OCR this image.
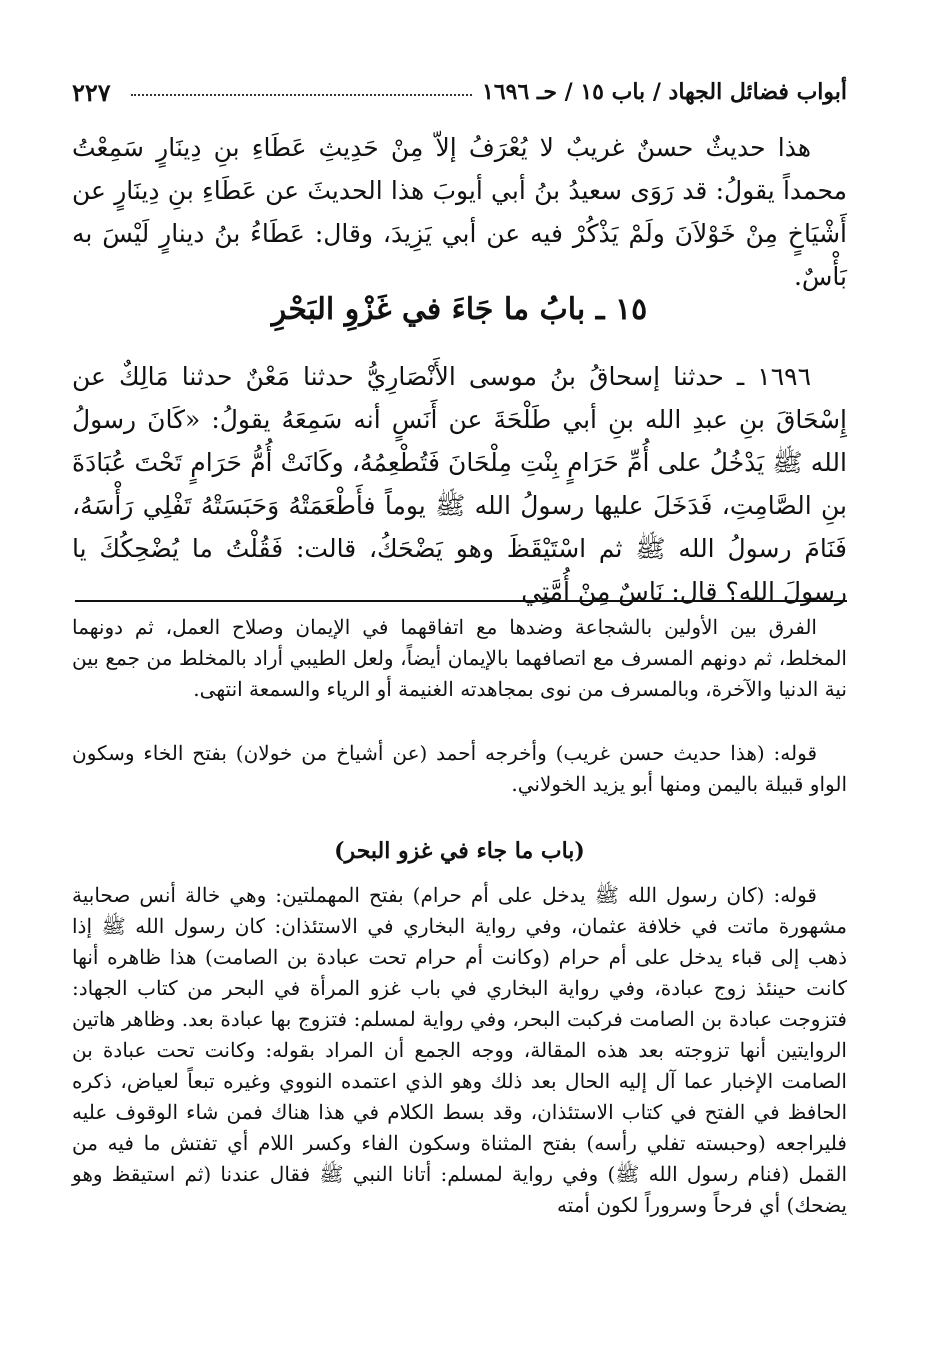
٢٢٧	أبواب فضائل الجهاد / باب ١٥ / حـ ١٦٩٦

هذا حديثٌ حسنٌ غريبٌ لا يُعْرَفُ إلاّ مِنْ حَدِيثِ عَطَاءِ بنِ دِينَارٍ سَمِعْتُ محمداً يقولُ: قد رَوَى سعيدُ بنُ أبي أيوبَ هذا الحديثَ عن عَطَاءِ بنِ دِينَارٍ عن أَشْيَاخٍ مِنْ خَوْلاَنَ ولَمْ يَذْكُرْ فيه عن أبي يَزِيدَ، وقال: عَطَاءُ بنُ دينارٍ لَيْسَ به بَأْسٌ.

١٥ ـ بابُ ما جَاءَ في غَزْوِ البَحْرِ

١٦٩٦ ـ حدثنا إسحاقُ بنُ موسى الأَنْصَارِيُّ حدثنا مَعْنٌ حدثنا مَالِكٌ عن إِسْحَاقَ بنِ عبدِ الله بنِ أبي طَلْحَةَ عن أَنَسٍ أنه سَمِعَهُ يقولُ: «كَانَ رسولُ الله ﷺ يَدْخُلُ على أُمِّ حَرَامٍ بِنْتِ مِلْحَانَ فَتُطْعِمُهُ، وكَانَتْ أُمُّ حَرَامٍ تَحْتَ عُبَادَةَ بنِ الصَّامِتِ، فَدَخَلَ عليها رسولُ الله ﷺ يوماً فأَطْعَمَتْهُ وَحَبَسَتْهُ تَفْلِي رَأْسَهُ، فَنَامَ رسولُ الله ﷺ ثم اسْتَيْقَظَ وهو يَضْحَكُ، قالت: فَقُلْتُ ما يُضْحِكُكَ يا رسولَ الله؟ قال: نَاسٌ مِنْ أُمَّتِي

الفرق بين الأولين بالشجاعة وضدها مع اتفاقهما في الإيمان وصلاح العمل، ثم دونهما المخلط، ثم دونهم المسرف مع اتصافهما بالإيمان أيضاً، ولعل الطيبي أراد بالمخلط من جمع بين نية الدنيا والآخرة، وبالمسرف من نوى بمجاهدته الغنيمة أو الرياء والسمعة انتهى.

قوله: (هذا حديث حسن غريب) وأخرجه أحمد (عن أشياخ من خولان) بفتح الخاء وسكون الواو قبيلة باليمن ومنها أبو يزيد الخولاني.

(باب ما جاء في غزو البحر)

قوله: (كان رسول الله ﷺ يدخل على أم حرام) بفتح المهملتين: وهي خالة أنس صحابية مشهورة ماتت في خلافة عثمان، وفي رواية البخاري في الاستئذان: كان رسول الله ﷺ إذا ذهب إلى قباء يدخل على أم حرام (وكانت أم حرام تحت عبادة بن الصامت) هذا ظاهره أنها كانت حينئذ زوج عبادة، وفي رواية البخاري في باب غزو المرأة في البحر من كتاب الجهاد: فتزوجت عبادة بن الصامت فركبت البحر، وفي رواية لمسلم: فتزوج بها عبادة بعد. وظاهر هاتين الروايتين أنها تزوجته بعد هذه المقالة، ووجه الجمع أن المراد بقوله: وكانت تحت عبادة بن الصامت الإخبار عما آل إليه الحال بعد ذلك وهو الذي اعتمده النووي وغيره تبعاً لعياض، ذكره الحافظ في الفتح في كتاب الاستئذان، وقد بسط الكلام في هذا هناك فمن شاء الوقوف عليه فليراجعه (وحبسته تفلي رأسه) بفتح المثناة وسكون الفاء وكسر اللام أي تفتش ما فيه من القمل (فنام رسول الله ﷺ) وفي رواية لمسلم: أتانا النبي ﷺ فقال عندنا (ثم استيقظ وهو يضحك) أي فرحاً وسروراً لكون أمته
